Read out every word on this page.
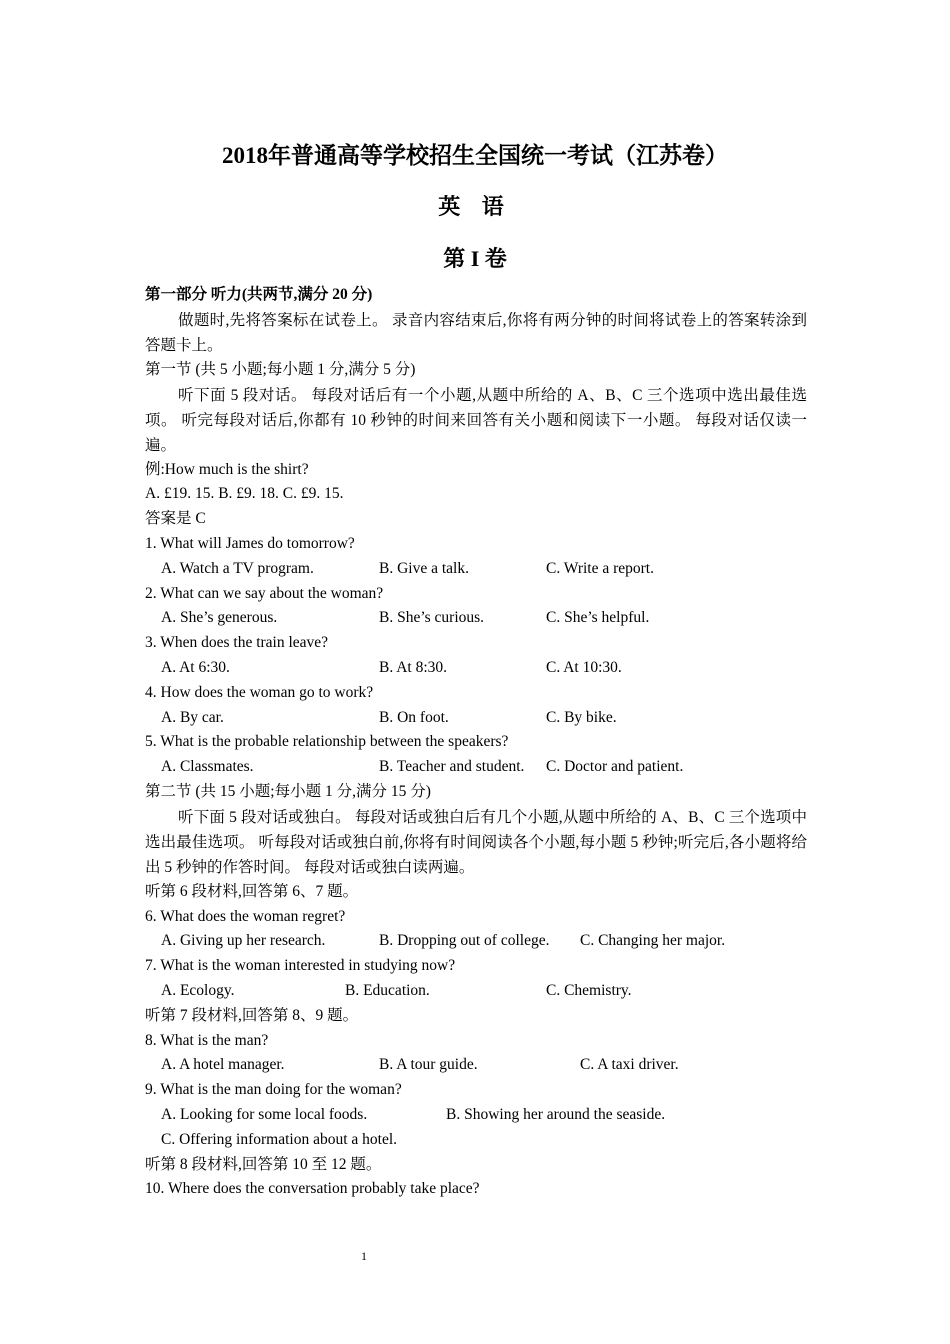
2018年普通高等学校招生全国统一考试（江苏卷）
英 语
第 I 卷
第一部分 听力(共两节,满分 20 分)

做题时,先将答案标在试卷上。 录音内容结束后,你将有两分钟的时间将试卷上的答案转涂到答题卡上。

第一节 (共 5 小题;每小题 1 分,满分 5 分)

听下面 5 段对话。 每段对话后有一个小题,从题中所给的 A、B、C 三个选项中选出最佳选项。 听完每段对话后,你都有 10 秒钟的时间来回答有关小题和阅读下一小题。 每段对话仅读一遍。

例:How much is the shirt?
A. £19. 15. B. £9. 18. C. £9. 15.
答案是 C
1. What will James do tomorrow?
A. Watch a TV program.	B. Give a talk.	C. Write a report.
2. What can we say about the woman?
A. She’s generous.	B. She’s curious.	C. She’s helpful.
3. When does the train leave?
A. At 6:30.	B. At 8:30.	C. At 10:30.
4. How does the woman go to work?
A. By car.	B. On foot.	C. By bike.
5. What is the probable relationship between the speakers?
A. Classmates.	B. Teacher and student. C. Doctor and patient.
第二节 (共 15 小题;每小题 1 分,满分 15 分)

听下面 5 段对话或独白。 每段对话或独白后有几个小题,从题中所给的 A、B、C 三个选项中选出最佳选项。 听每段对话或独白前,你将有时间阅读各个小题,每小题 5 秒钟;听完后,各小题将给出 5 秒钟的作答时间。 每段对话或独白读两遍。

听第 6 段材料,回答第 6、7 题。
6. What does the woman regret?
A. Giving up her research.	B. Dropping out of college. C. Changing her major.
7. What is the woman interested in studying now?
A. Ecology.	B. Education.	C. Chemistry.
听第 7 段材料,回答第 8、9 题。
8. What is the man?
A. A hotel manager.	B. A tour guide.	C. A taxi driver.
9. What is the man doing for the woman?
A. Looking for some local foods.	B. Showing her around the seaside.
C. Offering information about a hotel.
听第 8 段材料,回答第 10 至 12 题。
10. Where does the conversation probably take place?
1
